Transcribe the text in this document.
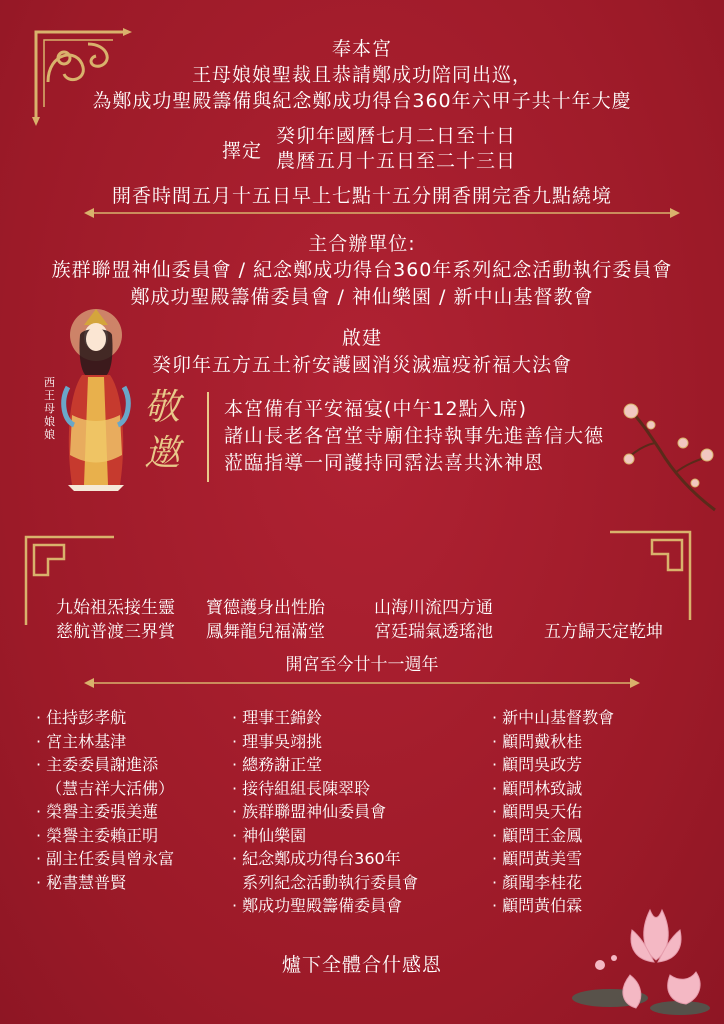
奉本宮
王母娘娘聖裁且恭請鄭成功陪同出巡，
為鄭成功聖殿籌備與紀念鄭成功得台360年六甲子共十年大慶
擇定
癸卯年國曆七月二日至十日
農曆五月十五日至二十三日
開香時間五月十五日早上七點十五分開香開完香九點繞境
主合辦單位:
族群聯盟神仙委員會 / 紀念鄭成功得台360年系列紀念活動執行委員會
鄭成功聖殿籌備委員會 / 神仙樂園 / 新中山基督教會
啟建
癸卯年五方五土祈安護國消災滅瘟疫祈福大法會
西王母娘娘
敬邀
本宮備有平安福宴(中午12點入席)
諸山長老各宮堂寺廟住持執事先進善信大德
蒞臨指導一同護持同霑法喜共沐神恩
九始祖炁接生靈 寶德護身出性胎	山海川流四方通
慈航普渡三界賞 鳳舞龍兒福滿堂	宮廷瑞氣透瑤池	五方歸天定乾坤
開宮至今廿十一週年
· 住持彭孝航
· 宮主林基津
· 主委委員謝進添
（慧吉祥大活佛）
· 榮譽主委張美蓮
· 榮譽主委賴正明
· 副主任委員曾永富
· 秘書慧普賢
· 理事王錦鈴
· 理事吳翊挑
· 總務謝正堂
· 接待組組長陳翠聆
· 族群聯盟神仙委員會
· 神仙樂園
· 紀念鄭成功得台360年
系列紀念活動執行委員會
· 鄭成功聖殿籌備委員會
· 新中山基督教會
· 顧問戴秋桂
· 顧問吳政芳
· 顧問林致誠
· 顧問吳天佑
· 顧問王金鳳
· 顧問黃美雪
· 顏聞李桂花
· 顧問黃伯霖
爐下全體合什感恩
